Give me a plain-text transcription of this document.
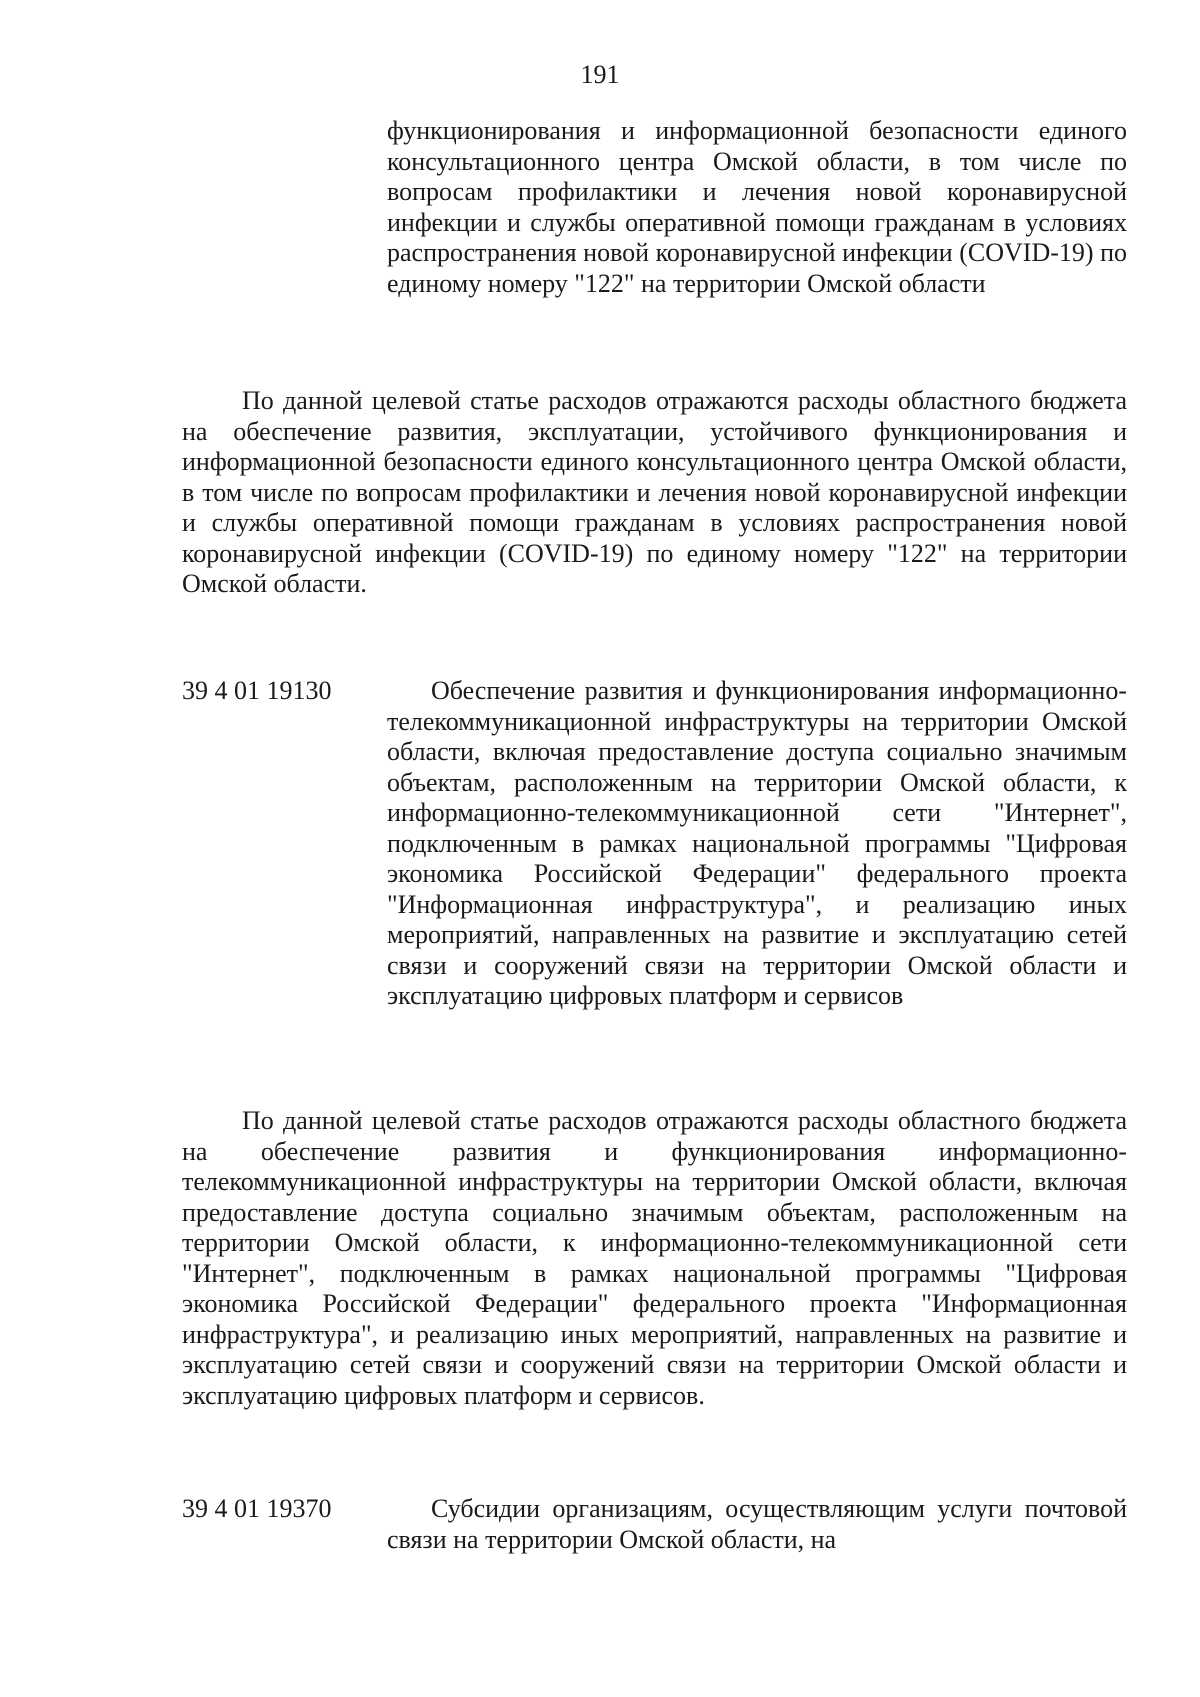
191
функционирования и информационной безопасности единого консультационного центра Омской области, в том числе по вопросам профилактики и лечения новой коронавирусной инфекции и службы оперативной помощи гражданам в условиях распространения новой коронавирусной инфекции (COVID-19) по единому номеру "122" на территории Омской области
По данной целевой статье расходов отражаются расходы областного бюджета на обеспечение развития, эксплуатации, устойчивого функционирования и информационной безопасности единого консультационного центра Омской области, в том числе по вопросам профилактики и лечения новой коронавирусной инфекции и службы оперативной помощи гражданам в условиях распространения новой коронавирусной инфекции (COVID-19) по единому номеру "122" на территории Омской области.
39 4 01 19130	Обеспечение развития и функционирования информационно-телекоммуникационной инфраструктуры на территории Омской области, включая предоставление доступа социально значимым объектам, расположенным на территории Омской области, к информационно-телекоммуникационной сети "Интернет", подключенным в рамках национальной программы "Цифровая экономика Российской Федерации" федерального проекта "Информационная инфраструктура", и реализацию иных мероприятий, направленных на развитие и эксплуатацию сетей связи и сооружений связи на территории Омской области и эксплуатацию цифровых платформ и сервисов
По данной целевой статье расходов отражаются расходы областного бюджета на обеспечение развития и функционирования информационно-телекоммуникационной инфраструктуры на территории Омской области, включая предоставление доступа социально значимым объектам, расположенным на территории Омской области, к информационно-телекоммуникационной сети "Интернет", подключенным в рамках национальной программы "Цифровая экономика Российской Федерации" федерального проекта "Информационная инфраструктура", и реализацию иных мероприятий, направленных на развитие и эксплуатацию сетей связи и сооружений связи на территории Омской области и эксплуатацию цифровых платформ и сервисов.
39 4 01 19370	Субсидии организациям, осуществляющим услуги почтовой связи на территории Омской области, на
